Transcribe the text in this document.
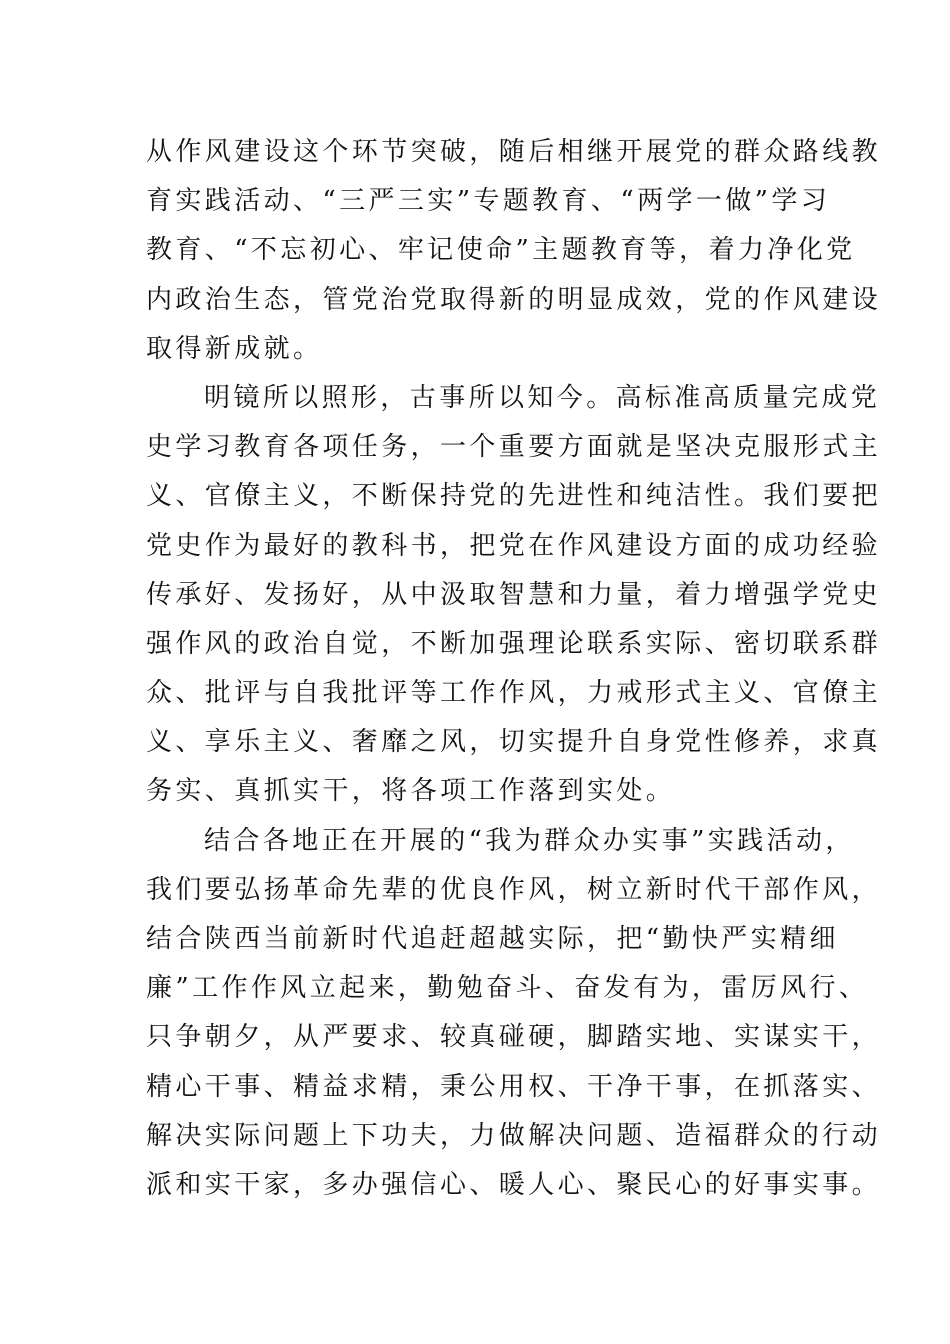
从作风建设这个环节突破，随后相继开展党的群众路线教
育实践活动、“三严三实”专题教育、“两学一做”学习
教育、“不忘初心、牢记使命”主题教育等，着力净化党
内政治生态，管党治党取得新的明显成效，党的作风建设
取得新成就。
明镜所以照形，古事所以知今。高标准高质量完成党
史学习教育各项任务，一个重要方面就是坚决克服形式主
义、官僚主义，不断保持党的先进性和纯洁性。我们要把
党史作为最好的教科书，把党在作风建设方面的成功经验
传承好、发扬好，从中汲取智慧和力量，着力增强学党史
强作风的政治自觉，不断加强理论联系实际、密切联系群
众、批评与自我批评等工作作风，力戒形式主义、官僚主
义、享乐主义、奢靡之风，切实提升自身党性修养，求真
务实、真抓实干，将各项工作落到实处。
结合各地正在开展的“我为群众办实事”实践活动，
我们要弘扬革命先辈的优良作风，树立新时代干部作风，
结合陕西当前新时代追赶超越实际，把“勤快严实精细
廉”工作作风立起来，勤勉奋斗、奋发有为，雷厉风行、
只争朝夕，从严要求、较真碰硬，脚踏实地、实谋实干，
精心干事、精益求精，秉公用权、干净干事，在抓落实、
解决实际问题上下功夫，力做解决问题、造福群众的行动
派和实干家，多办强信心、暖人心、聚民心的好事实事。
